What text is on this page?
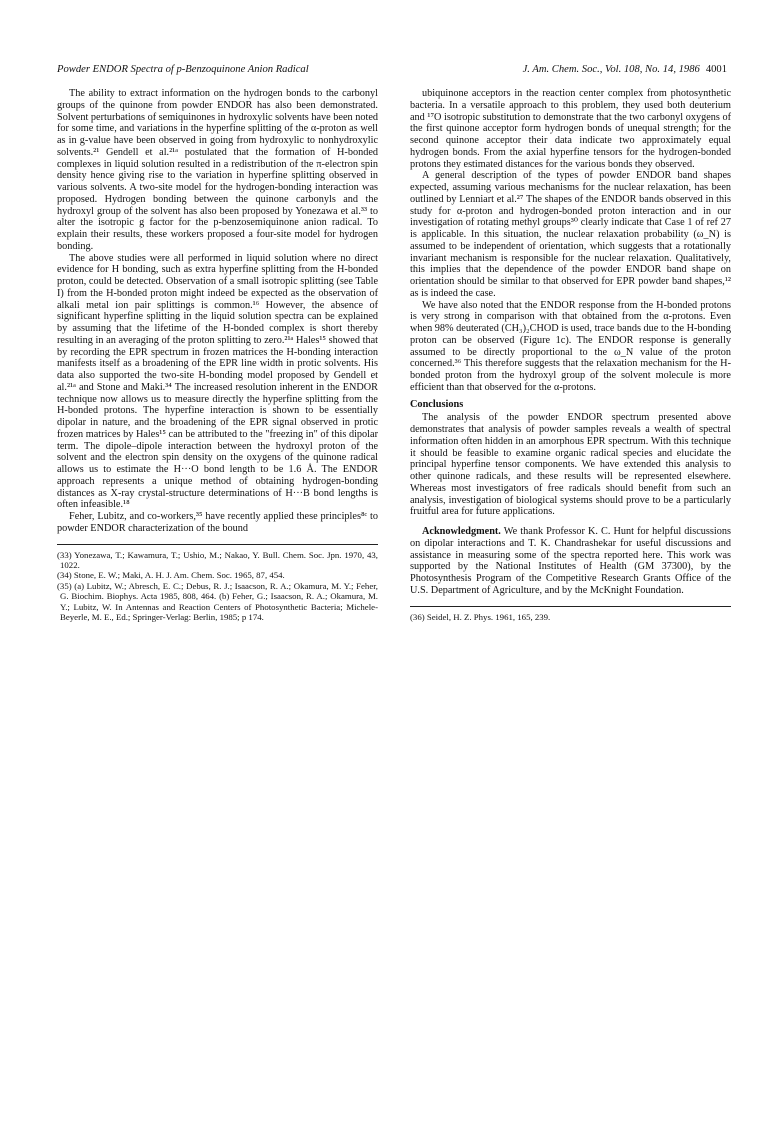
Powder ENDOR Spectra of p-Benzoquinone Anion Radical	J. Am. Chem. Soc., Vol. 108, No. 14, 1986 4001

The ability to extract information on the hydrogen bonds to the carbonyl groups of the quinone from powder ENDOR has also been demonstrated. Solvent perturbations of semiquinones in hydroxylic solvents have been noted for some time, and variations in the hyperfine splitting of the α-proton as well as in g-value have been observed in going from hydroxylic to nonhydroxylic solvents.²¹ Gendell et al.²¹ᵃ postulated that the formation of H-bonded complexes in liquid solution resulted in a redistribution of the π-electron spin density hence giving rise to the variation in hyperfine splitting observed in various solvents. A two-site model for the hydrogen-bonding interaction was proposed. Hydrogen bonding between the quinone carbonyls and the hydroxyl group of the solvent has also been proposed by Yonezawa et al.³³ to alter the isotropic g factor for the p-benzosemiquinone anion radical. To explain their results, these workers proposed a four-site model for hydrogen bonding.

The above studies were all performed in liquid solution where no direct evidence for H bonding, such as extra hyperfine splitting from the H-bonded proton, could be detected. Observation of a small isotropic splitting (see Table I) from the H-bonded proton might indeed be expected as the observation of alkali metal ion pair splittings is common.¹⁶ However, the absence of significant hyperfine splitting in the liquid solution spectra can be explained by assuming that the lifetime of the H-bonded complex is short thereby resulting in an averaging of the proton splitting to zero.²¹ᵃ Hales¹⁵ showed that by recording the EPR spectrum in frozen matrices the H-bonding interaction manifests itself as a broadening of the EPR line width in protic solvents. His data also supported the two-site H-bonding model proposed by Gendell et al.²¹ᵃ and Stone and Maki.³⁴ The increased resolution inherent in the ENDOR technique now allows us to measure directly the hyperfine splitting from the H-bonded protons. The hyperfine interaction is shown to be essentially dipolar in nature, and the broadening of the EPR signal observed in protic frozen matrices by Hales¹⁵ can be attributed to the "freezing in" of this dipolar term. The dipole–dipole interaction between the hydroxyl proton of the solvent and the electron spin density on the oxygens of the quinone radical allows us to estimate the H···O bond length to be 1.6 Å. The ENDOR approach represents a unique method of obtaining hydrogen-bonding distances as X-ray crystal-structure determinations of H···B bond lengths is often infeasible.¹⁸

Feher, Lubitz, and co-workers,³⁵ have recently applied these principles⁸ᶜ to powder ENDOR characterization of the bound

(33) Yonezawa, T.; Kawamura, T.; Ushio, M.; Nakao, Y. Bull. Chem. Soc. Jpn. 1970, 43, 1022.
(34) Stone, E. W.; Maki, A. H. J. Am. Chem. Soc. 1965, 87, 454.
(35) (a) Lubitz, W.; Abresch, E. C.; Debus, R. J.; Isaacson, R. A.; Okamura, M. Y.; Feher, G. Biochim. Biophys. Acta 1985, 808, 464. (b) Feher, G.; Isaacson, R. A.; Okamura, M. Y.; Lubitz, W. In Antennas and Reaction Centers of Photosynthetic Bacteria; Michele-Beyerle, M. E., Ed.; Springer-Verlag: Berlin, 1985; p 174.

ubiquinone acceptors in the reaction center complex from photosynthetic bacteria. In a versatile approach to this problem, they used both deuterium and ¹⁷O isotropic substitution to demonstrate that the two carbonyl oxygens of the first quinone acceptor form hydrogen bonds of unequal strength; for the second quinone acceptor their data indicate two approximately equal hydrogen bonds. From the axial hyperfine tensors for the hydrogen-bonded protons they estimated distances for the various bonds they observed.

A general description of the types of powder ENDOR band shapes expected, assuming various mechanisms for the nuclear relaxation, has been outlined by Lenniart et al.²⁷ The shapes of the ENDOR bands observed in this study for α-proton and hydrogen-bonded proton interaction and in our investigation of rotating methyl groups³⁰ clearly indicate that Case 1 of ref 27 is applicable. In this situation, the nuclear relaxation probability (ω_N) is assumed to be independent of orientation, which suggests that a rotationally invariant mechanism is responsible for the nuclear relaxation. Qualitatively, this implies that the dependence of the powder ENDOR band shape on orientation should be similar to that observed for EPR powder band shapes,¹² as is indeed the case.

We have also noted that the ENDOR response from the H-bonded protons is very strong in comparison with that obtained from the α-protons. Even when 98% deuterated (CH₃)₂CHOD is used, trace bands due to the H-bonding proton can be observed (Figure 1c). The ENDOR response is generally assumed to be directly proportional to the ω_N value of the proton concerned.³⁶ This therefore suggests that the relaxation mechanism for the H-bonded proton from the hydroxyl group of the solvent molecule is more efficient than that observed for the α-protons.

Conclusions

The analysis of the powder ENDOR spectrum presented above demonstrates that analysis of powder samples reveals a wealth of spectral information often hidden in an amorphous EPR spectrum. With this technique it should be feasible to examine organic radical species and elucidate the principal hyperfine tensor components. We have extended this analysis to other quinone radicals, and these results will be represented elsewhere. Whereas most investigators of free radicals should benefit from such an analysis, investigation of biological systems should prove to be a particularly fruitful area for future applications.

Acknowledgment. We thank Professor K. C. Hunt for helpful discussions on dipolar interactions and T. K. Chandrashekar for useful discussions and assistance in measuring some of the spectra reported here. This work was supported by the National Institutes of Health (GM 37300), by the Photosynthesis Program of the Competitive Research Grants Office of the U.S. Department of Agriculture, and by the McKnight Foundation.

(36) Seidel, H. Z. Phys. 1961, 165, 239.
